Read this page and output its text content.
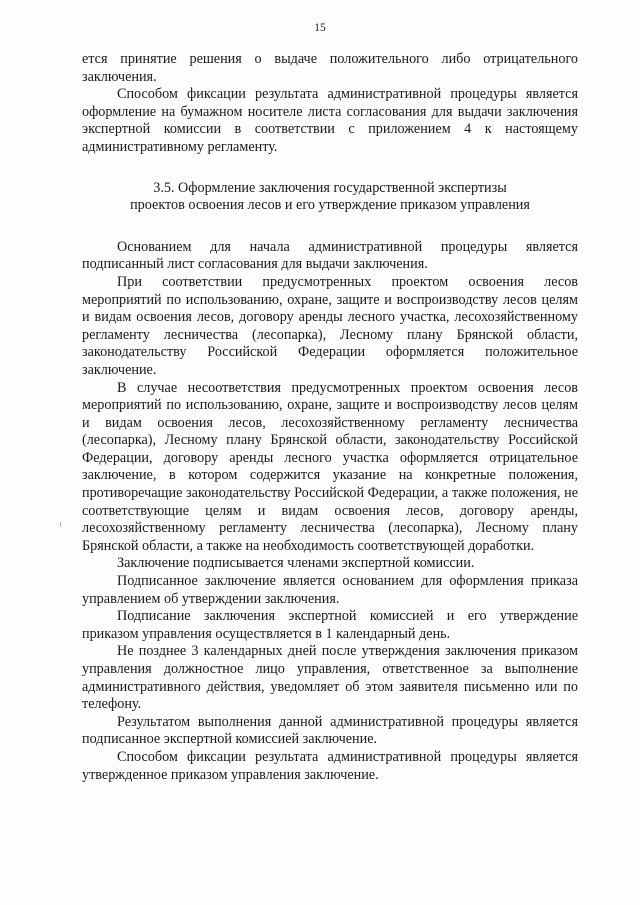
15

ется принятие решения о выдаче положительного либо отрицательного заключения.

Способом фиксации результата административной процедуры является оформление на бумажном носителе листа согласования для выдачи заключения экспертной комиссии в соответствии с приложением 4 к настоящему административному регламенту.

3.5. Оформление заключения государственной экспертизы
проектов освоения лесов и его утверждение приказом управления

Основанием для начала административной процедуры является подписанный лист согласования для выдачи заключения.

При соответствии предусмотренных проектом освоения лесов мероприятий по использованию, охране, защите и воспроизводству лесов целям и видам освоения лесов, договору аренды лесного участка, лесохозяйственному регламенту лесничества (лесопарка), Лесному плану Брянской области, законодательству Российской Федерации оформляется положительное заключение.

В случае несоответствия предусмотренных проектом освоения лесов мероприятий по использованию, охране, защите и воспроизводству лесов целям и видам освоения лесов, лесохозяйственному регламенту лесничества (лесопарка), Лесному плану Брянской области, законодательству Российской Федерации, договору аренды лесного участка оформляется отрицательное заключение, в котором содержится указание на конкретные положения, противоречащие законодательству Российской Федерации, а также положения, не соответствующие целям и видам освоения лесов, договору аренды, лесохозяйственному регламенту лесничества (лесопарка), Лесному плану Брянской области, а также на необходимость соответствующей доработки.

Заключение подписывается членами экспертной комиссии.

Подписанное заключение является основанием для оформления приказа управлением об утверждении заключения.

Подписание заключения экспертной комиссией и его утверждение приказом управления осуществляется в 1 календарный день.

Не позднее 3 календарных дней после утверждения заключения приказом управления должностное лицо управления, ответственное за выполнение административного действия, уведомляет об этом заявителя письменно или по телефону.

Результатом выполнения данной административной процедуры является подписанное экспертной комиссией заключение.

Способом фиксации результата административной процедуры является утвержденное приказом управления заключение.
